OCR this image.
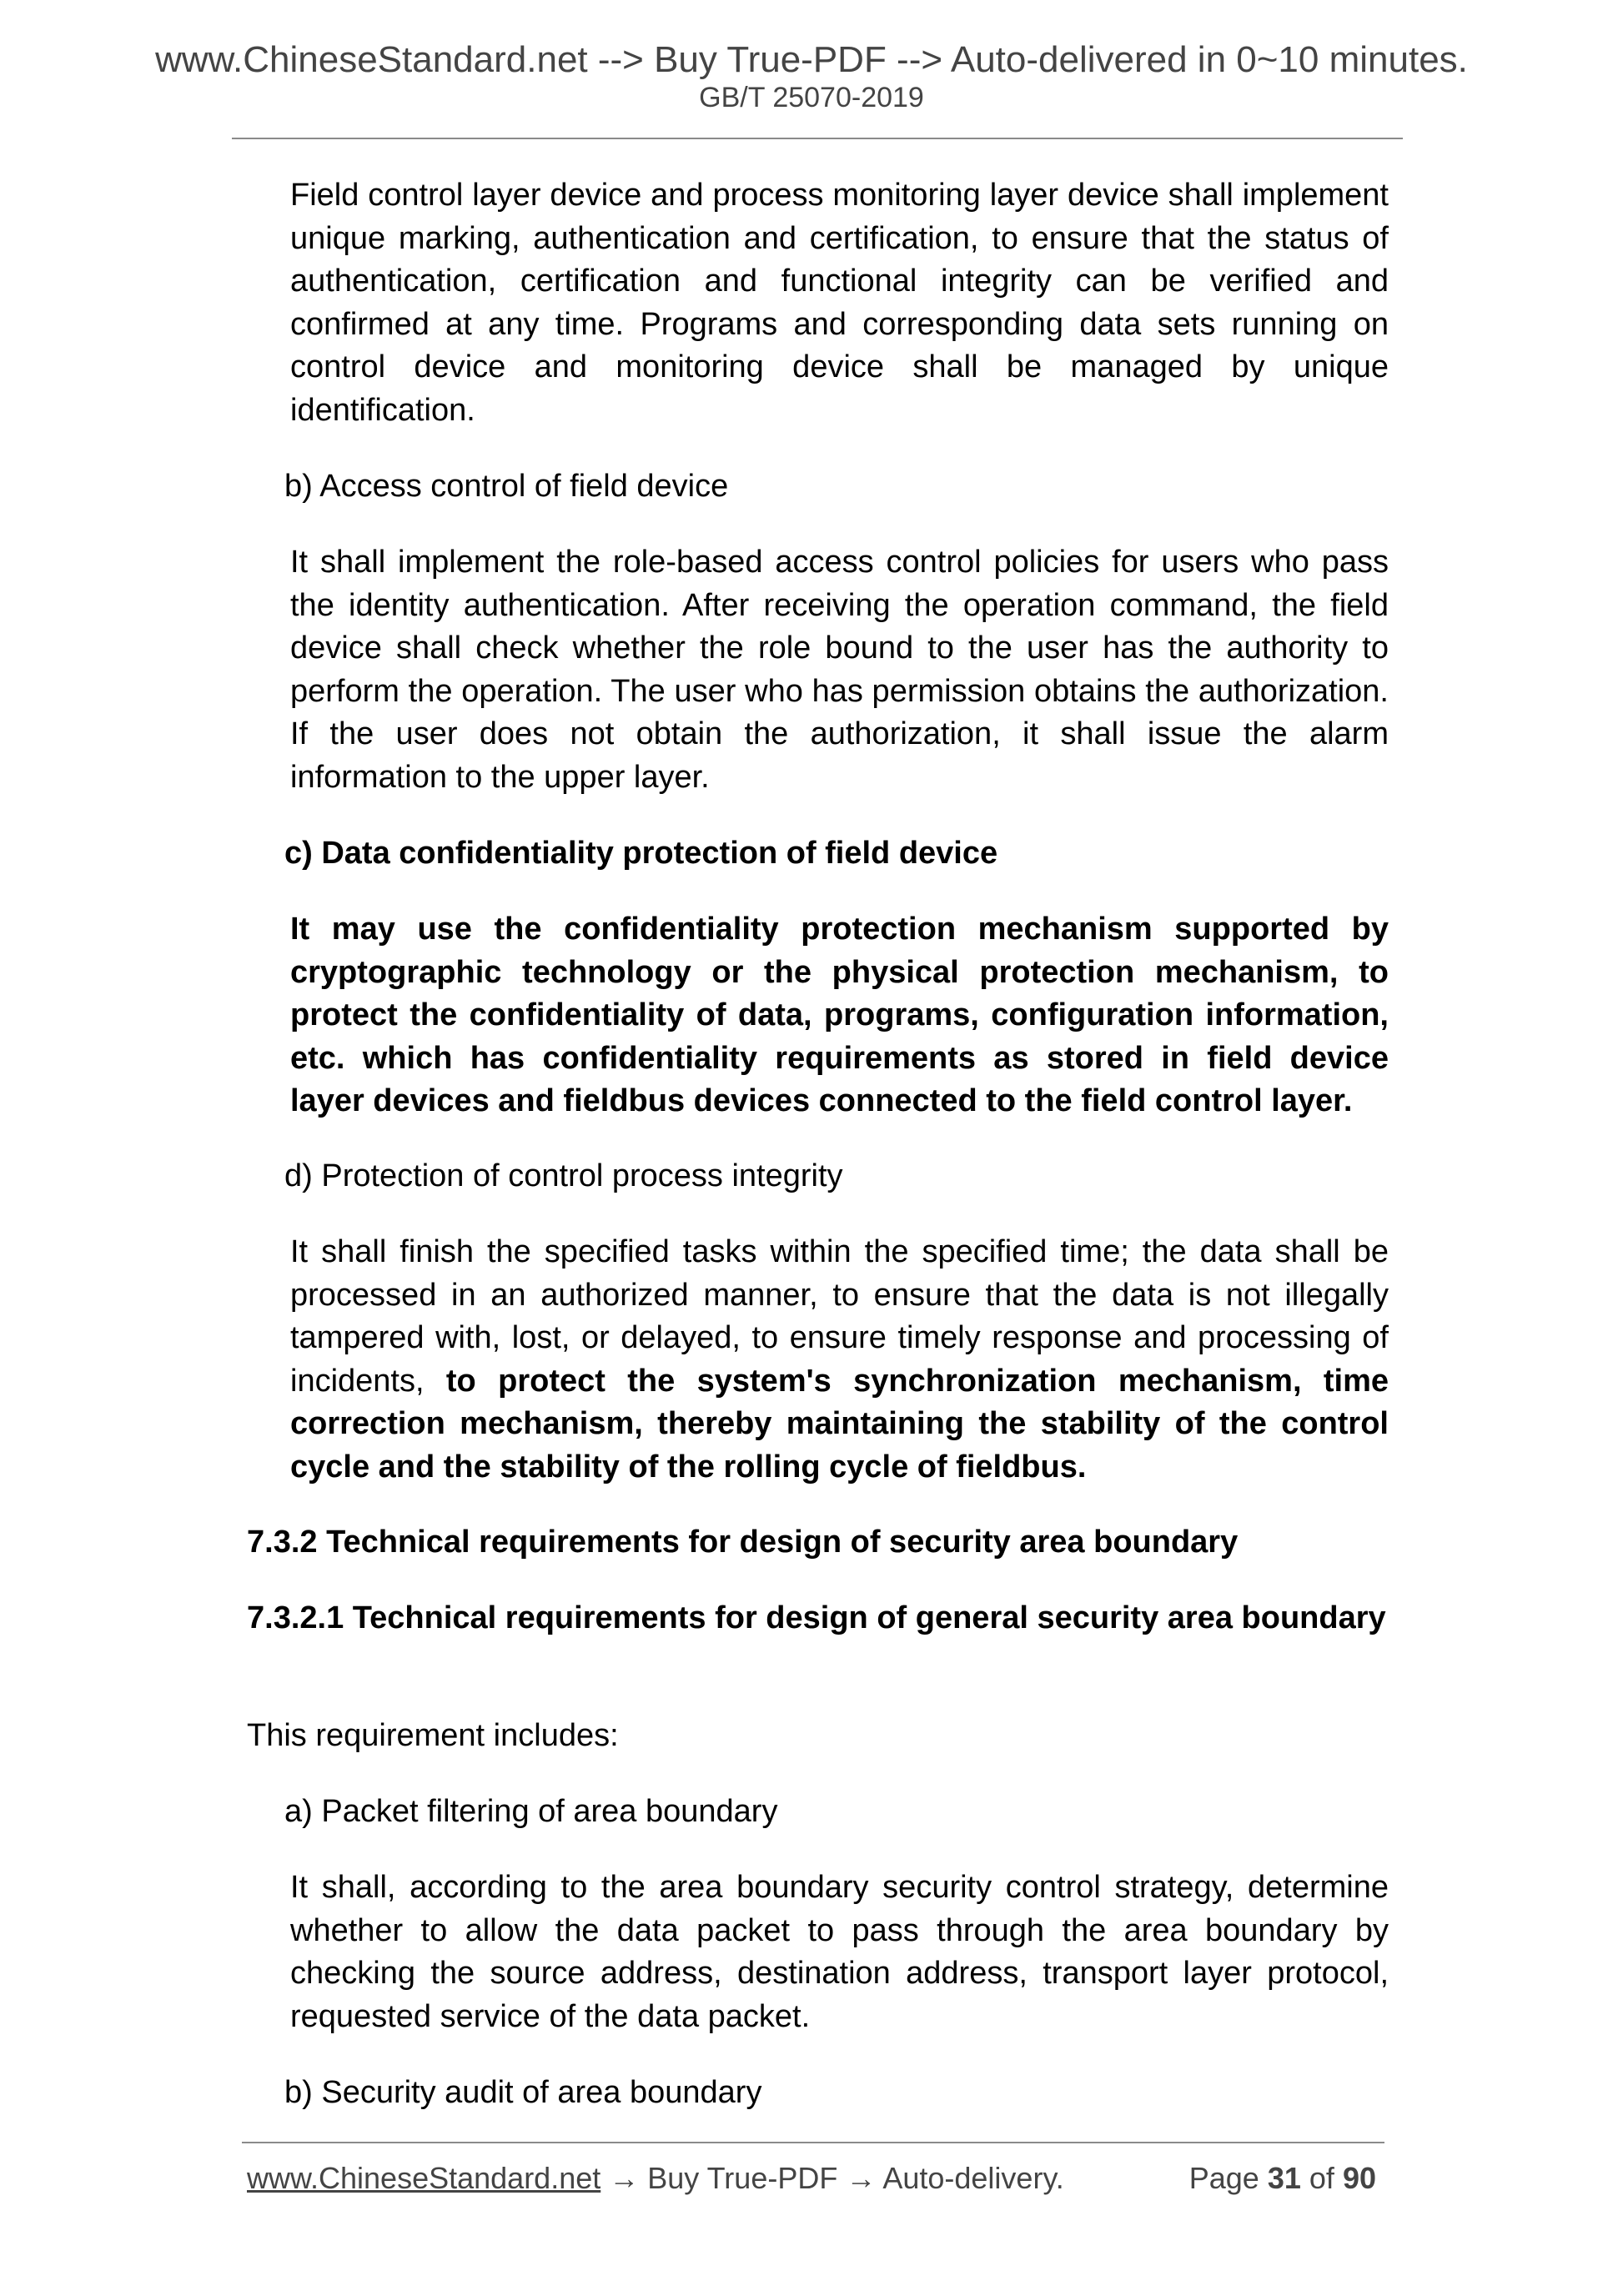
www.ChineseStandard.net --> Buy True-PDF --> Auto-delivered in 0~10 minutes.
GB/T 25070-2019

Field control layer device and process monitoring layer device shall implement unique marking, authentication and certification, to ensure that the status of authentication, certification and functional integrity can be verified and confirmed at any time. Programs and corresponding data sets running on control device and monitoring device shall be managed by unique identification.

b) Access control of field device

It shall implement the role-based access control policies for users who pass the identity authentication. After receiving the operation command, the field device shall check whether the role bound to the user has the authority to perform the operation. The user who has permission obtains the authorization. If the user does not obtain the authorization, it shall issue the alarm information to the upper layer.

c) Data confidentiality protection of field device

It may use the confidentiality protection mechanism supported by cryptographic technology or the physical protection mechanism, to protect the confidentiality of data, programs, configuration information, etc. which has confidentiality requirements as stored in field device layer devices and fieldbus devices connected to the field control layer.

d) Protection of control process integrity

It shall finish the specified tasks within the specified time; the data shall be processed in an authorized manner, to ensure that the data is not illegally tampered with, lost, or delayed, to ensure timely response and processing of incidents, to protect the system's synchronization mechanism, time correction mechanism, thereby maintaining the stability of the control cycle and the stability of the rolling cycle of fieldbus.

7.3.2 Technical requirements for design of security area boundary

7.3.2.1 Technical requirements for design of general security area boundary

This requirement includes:

a) Packet filtering of area boundary

It shall, according to the area boundary security control strategy, determine whether to allow the data packet to pass through the area boundary by checking the source address, destination address, transport layer protocol, requested service of the data packet.

b) Security audit of area boundary

www.ChineseStandard.net → Buy True-PDF → Auto-delivery.	Page 31 of 90
